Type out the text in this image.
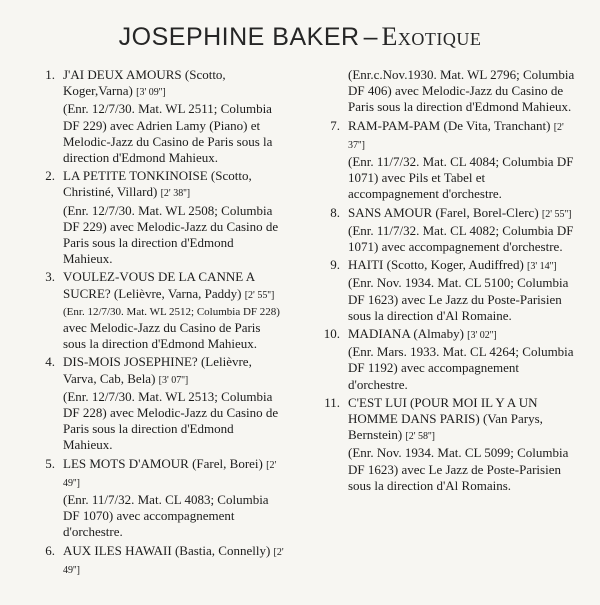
JOSEPHINE BAKER – Exotique
1. J'AI DEUX AMOURS (Scotto, Koger,Varna) [3' 09'']
(Enr. 12/7/30. Mat. WL 2511; Columbia DF 229) avec Adrien Lamy (Piano) et Melodic-Jazz du Casino de Paris sous la direction d'Edmond Mahieux.
2. LA PETITE TONKINOISE (Scotto, Christiné, Villard) [2' 38'']
(Enr. 12/7/30. Mat. WL 2508; Columbia DF 229) avec Melodic-Jazz du Casino de Paris sous la direction d'Edmond Mahieux.
3. VOULEZ-VOUS DE LA CANNE A SUCRE? (Lelièvre, Varna, Paddy) [2' 55'']
(Enr. 12/7/30. Mat. WL 2512; Columbia DF 228)
avec Melodic-Jazz du Casino de Paris sous la direction d'Edmond Mahieux.
4. DIS-MOIS JOSEPHINE? (Lelièvre, Varva, Cab, Bela) [3' 07'']
(Enr. 12/7/30. Mat. WL 2513; Columbia DF 228) avec Melodic-Jazz du Casino de Paris sous la direction d'Edmond Mahieux.
5. LES MOTS D'AMOUR (Farel, Borei) [2' 49'']
(Enr. 11/7/32. Mat. CL 4083; Columbia DF 1070) avec accompagnement d'orchestre.
6. AUX ILES HAWAII (Bastia, Connelly) [2' 49'']
(Enr.c.Nov.1930. Mat. WL 2796; Columbia DF 406) avec Melodic-Jazz du Casino de Paris sous la direction d'Edmond Mahieux.
7. RAM-PAM-PAM (De Vita, Tranchant) [2' 37'']
(Enr. 11/7/32. Mat. CL 4084; Columbia DF 1071) avec Pils et Tabel et accompagnement d'orchestre.
8. SANS AMOUR (Farel, Borel-Clerc) [2' 55'']
(Enr. 11/7/32. Mat. CL 4082; Columbia DF 1071) avec accompagnement d'orchestre.
9. HAITI (Scotto, Koger, Audiffred) [3' 14'']
(Enr. Nov. 1934. Mat. CL 5100; Columbia DF 1623) avec Le Jazz du Poste-Parisien sous la direction d'Al Romaine.
10. MADIANA (Almaby) [3' 02'']
(Enr. Mars. 1933. Mat. CL 4264; Columbia DF 1192) avec accompagnement d'orchestre.
11. C'EST LUI (POUR MOI IL Y A UN HOMME DANS PARIS) (Van Parys, Bernstein) [2' 58'']
(Enr. Nov. 1934. Mat. CL 5099; Columbia DF 1623) avec Le Jazz de Poste-Parisien sous la direction d'Al Romains.
